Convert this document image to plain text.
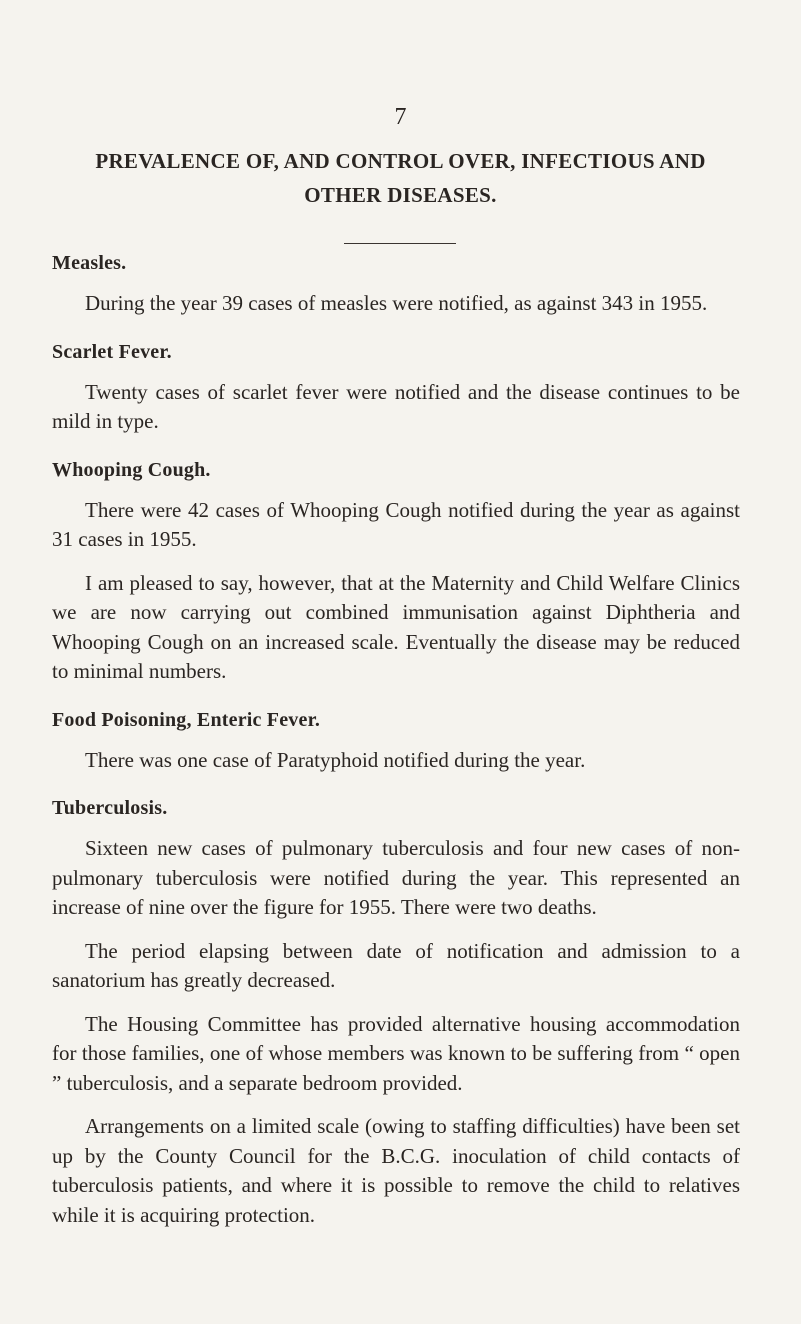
7
PREVALENCE OF, AND CONTROL OVER, INFECTIOUS AND
OTHER DISEASES.
Measles.

During the year 39 cases of measles were notified, as against 343 in 1955.

Scarlet Fever.

Twenty cases of scarlet fever were notified and the disease continues to be mild in type.

Whooping Cough.

There were 42 cases of Whooping Cough notified during the year as against 31 cases in 1955.

I am pleased to say, however, that at the Maternity and Child Welfare Clinics we are now carrying out combined immunisation against Diphtheria and Whooping Cough on an increased scale. Eventually the disease may be reduced to minimal numbers.

Food Poisoning, Enteric Fever.

There was one case of Paratyphoid notified during the year.

Tuberculosis.

Sixteen new cases of pulmonary tuberculosis and four new cases of non-pulmonary tuberculosis were notified during the year. This represented an increase of nine over the figure for 1955. There were two deaths.

The period elapsing between date of notification and admission to a sanatorium has greatly decreased.

The Housing Committee has provided alternative housing accommodation for those families, one of whose members was known to be suffering from “ open ” tuberculosis, and a separate bedroom provided.

Arrangements on a limited scale (owing to staffing difficulties) have been set up by the County Council for the B.C.G. inoculation of child contacts of tuberculosis patients, and where it is possible to remove the child to relatives while it is acquiring protection.
